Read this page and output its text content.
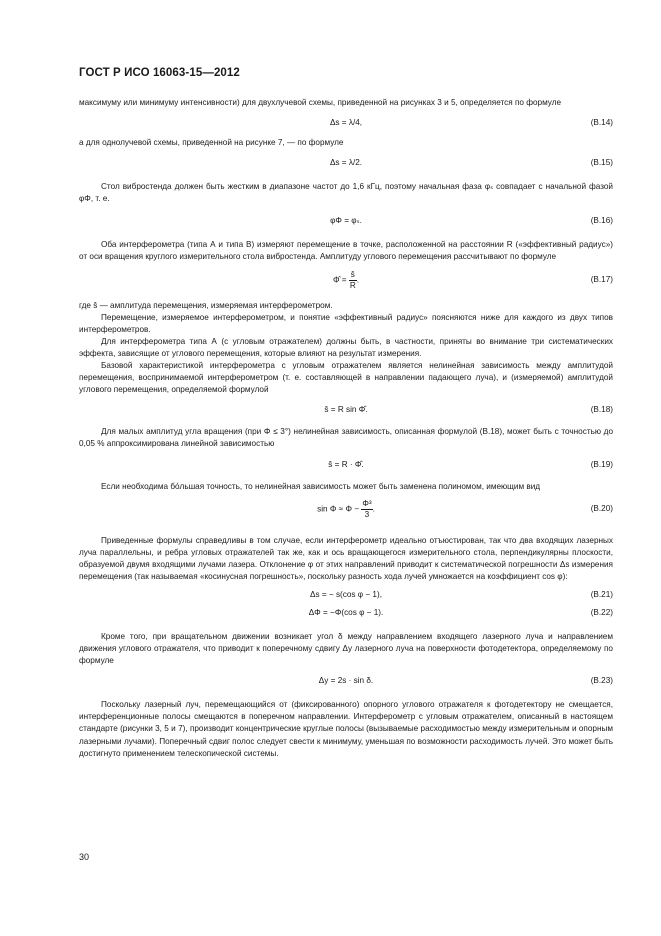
ГОСТ Р ИСО 16063-15—2012

максимуму или минимуму интенсивности) для двухлучевой схемы, приведенной на рисунках 3 и 5, определяется по формуле

Δs = λ/4,	(B.14)

а для однолучевой схемы, приведенной на рисунке 7, — по формуле

Δs = λ/2.	(B.15)

Стол вибростенда должен быть жестким в диапазоне частот до 1,6 кГц, поэтому начальная фаза φₛ совпадает с начальной фазой φΦ, т. е.

φΦ = φₛ.	(B.16)

Оба интерферометра (типа А и типа В) измеряют перемещение в точке, расположенной на расстоянии R («эффективный радиус») от оси вращения круглого измерительного стола вибростенда. Амплитуду углового перемещения рассчитывают по формуле

Φ̂ = $\frac{ŝ}{R}$ .	(B.17)

где ŝ — амплитуда перемещения, измеряемая интерферометром.

Перемещение, измеряемое интерферометром, и понятие «эффективный радиус» поясняются ниже для каждого из двух типов интерферометров.

Для интерферометра типа А (с угловым отражателем) должны быть, в частности, приняты во внимание три систематических эффекта, зависящие от углового перемещения, которые влияют на результат измерения.

Базовой характеристикой интерферометра с угловым отражателем является нелинейная зависимость между амплитудой перемещения, воспринимаемой интерферометром (т. е. составляющей в направлении падающего луча), и (измеряемой) амплитудой углового перемещения, определяемой формулой

ŝ = R sin Φ̂.	(B.18)

Для малых амплитуд угла вращения (при Φ ≤ 3°) нелинейная зависимость, описанная формулой (B.18), может быть с точностью до 0,05 % аппроксимирована линейной зависимостью

ŝ = R · Φ̂.	(B.19)

Если необходима бо́льшая точность, то нелинейная зависимость может быть заменена полиномом, имеющим вид

$\sin \Phi \approx \Phi - \frac{\text{Φ³}}{3}$ .	(B.20)

Приведенные формулы справедливы в том случае, если интерферометр идеально отъюстирован, так что два входящих лазерных луча параллельны, и ребра угловых отражателей так же, как и ось вращающегося измерительного стола, перпендикулярны плоскости, образуемой двумя входящими лучами лазера. Отклонение φ от этих направлений приводит к систематической погрешности Δs измерения перемещения (так называемая «косинусная погрешность», поскольку разность хода лучей умножается на коэффициент cos φ):

Δs = − s(cos φ − 1),	(B.21)
ΔΦ = −Φ(cos φ − 1).	(B.22)

Кроме того, при вращательном движении возникает угол δ между направлением входящего лазерного луча и направлением движения углового отражателя, что приводит к поперечному сдвигу Δy лазерного луча на поверхности фотодетектора, определяемому по формуле

Δy = 2s · sin δ.	(B.23)

Поскольку лазерный луч, перемещающийся от (фиксированного) опорного углового отражателя к фотодетектору не смещается, интерференционные полосы смещаются в поперечном направлении. Интерферометр с угловым отражателем, описанный в настоящем стандарте (рисунки 3, 5 и 7), производит концентрические круглые полосы (вызываемые расходимостью между измерительным и опорным лазерными лучами). Поперечный сдвиг полос следует свести к минимуму, уменьшая по возможности расходимость лучей. Это может быть достигнуто применением телескопической системы.

30
